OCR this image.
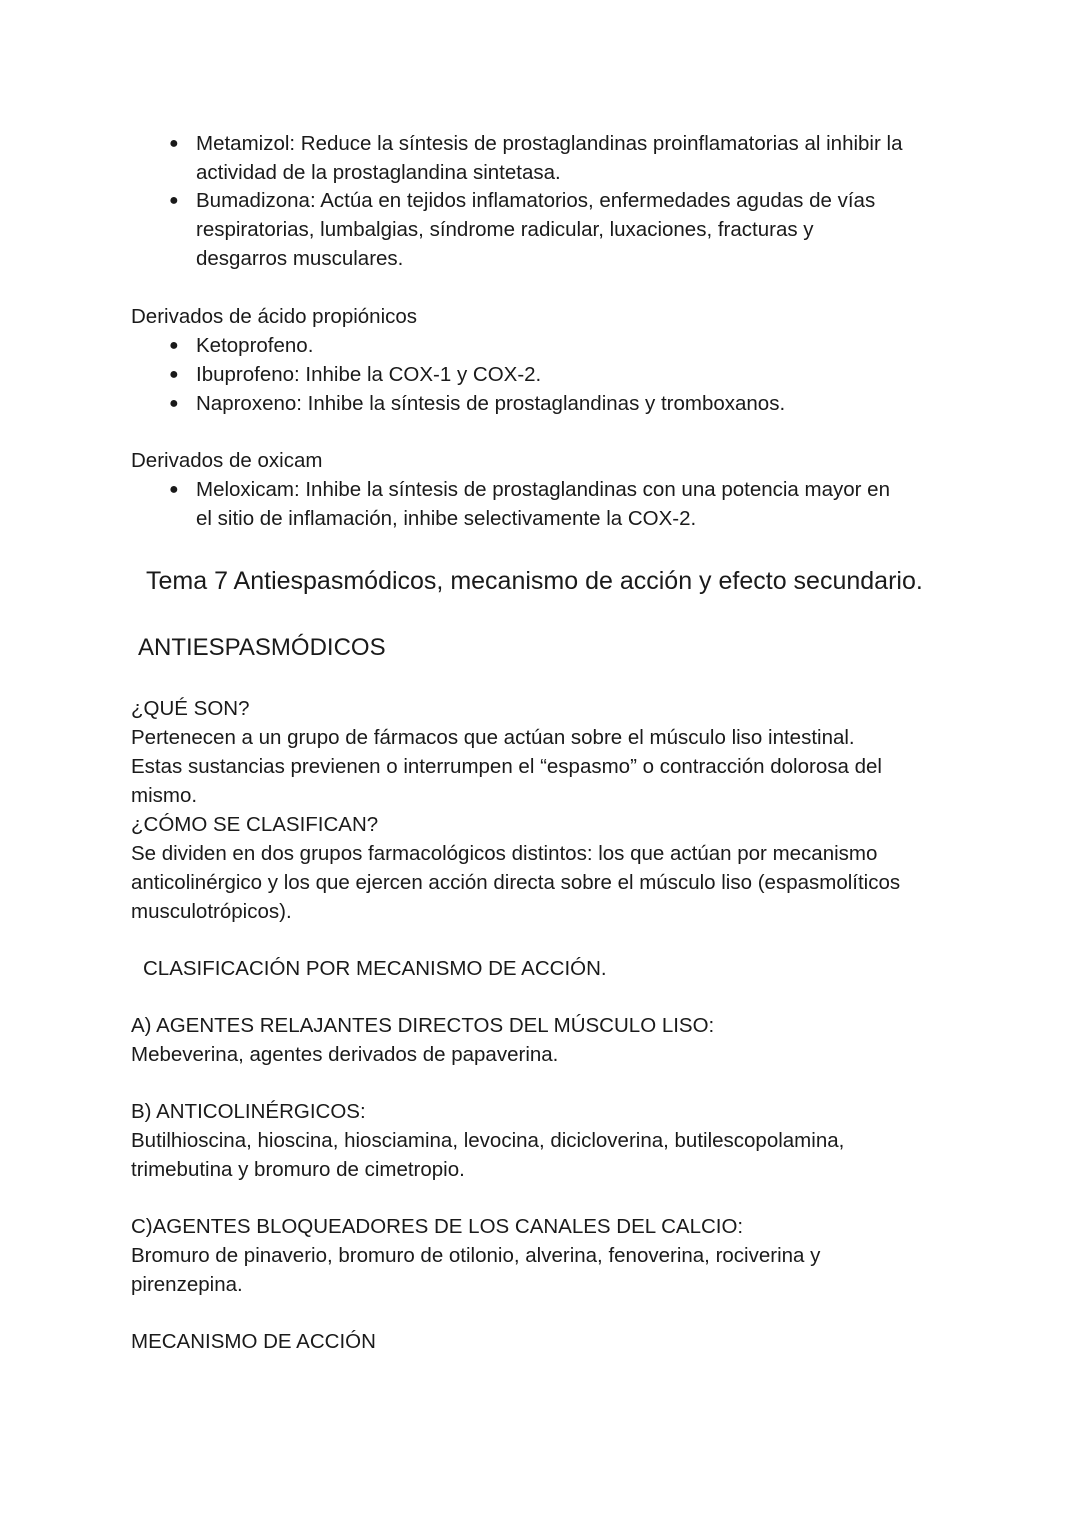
● Metamizol: Reduce la síntesis de prostaglandinas proinflamatorias al inhibir la
actividad de la prostaglandina sintetasa.
● Bumadizona: Actúa en tejidos inflamatorios, enfermedades agudas de vías
respiratorias, lumbalgias, síndrome radicular, luxaciones, fracturas y
desgarros musculares.
Derivados de ácido propiónicos
● Ketoprofeno.
● Ibuprofeno: Inhibe la COX-1 y COX-2.
● Naproxeno: Inhibe la síntesis de prostaglandinas y tromboxanos.
Derivados de oxicam
● Meloxicam: Inhibe la síntesis de prostaglandinas con una potencia mayor en
el sitio de inflamación, inhibe selectivamente la COX-2.
Tema 7 Antiespasmódicos, mecanismo de acción y efecto secundario.
ANTIESPASMÓDICOS
¿QUÉ SON?
Pertenecen a un grupo de fármacos que actúan sobre el músculo liso intestinal.
Estas sustancias previenen o interrumpen el “espasmo” o contracción dolorosa del
mismo.
¿CÓMO SE CLASIFICAN?
Se dividen en dos grupos farmacológicos distintos: los que actúan por mecanismo
anticolinérgico y los que ejercen acción directa sobre el músculo liso (espasmolíticos
musculotrópicos).
CLASIFICACIÓN POR MECANISMO DE ACCIÓN.
A) AGENTES RELAJANTES DIRECTOS DEL MÚSCULO LISO:
Mebeverina, agentes derivados de papaverina.
B) ANTICOLINÉRGICOS:
Butilhioscina, hioscina, hiosciamina, levocina, diciclоverina, butilescopolamina,
trimebutina y bromuro de cimetropio.
C)AGENTES BLOQUEADORES DE LOS CANALES DEL CALCIO:
Bromuro de pinaverio, bromuro de otilonio, alverina, fenoverina, rociverina y
pirenzepina.
MECANISMO DE ACCIÓN
